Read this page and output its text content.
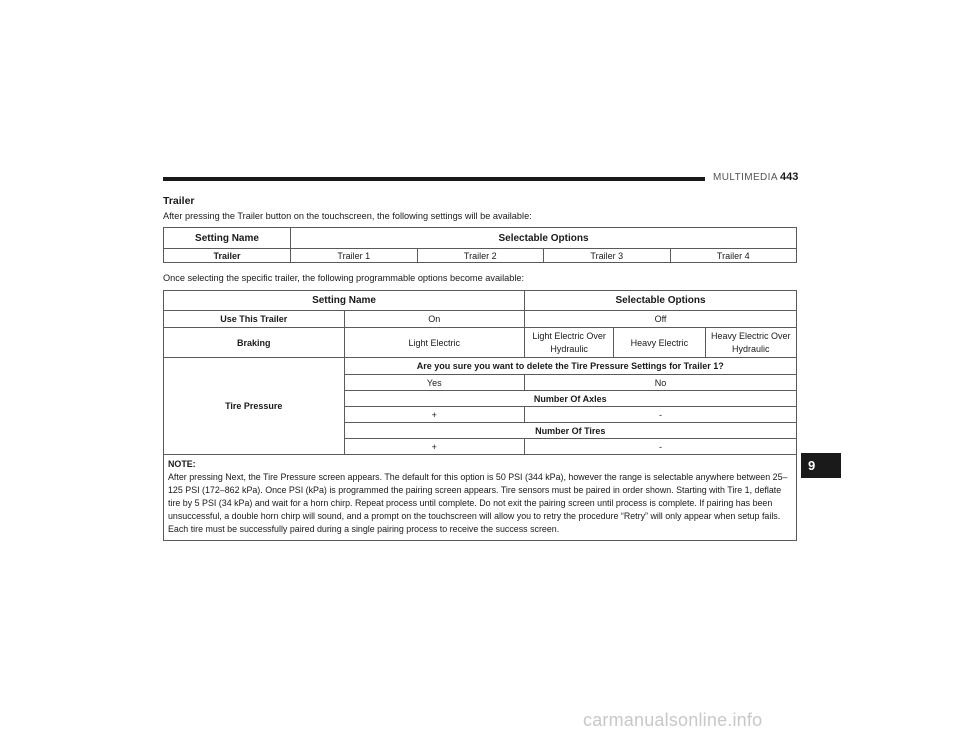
MULTIMEDIA 443
Trailer
After pressing the Trailer button on the touchscreen, the following settings will be available:
Setting Name	Selectable Options			
Trailer	Trailer 1	Trailer 2	Trailer 3	Trailer 4
Once selecting the specific trailer, the following programmable options become available:
Setting Name		Selectable Options		
Use This Trailer	On	Off		
Braking	Light Electric	Light Electric Over Hydraulic	Heavy Electric	Heavy Electric Over Hydraulic
Tire Pressure	Are you sure you want to delete the Tire Pressure Settings for Trailer 1?			
	Yes	No		
	Number Of Axles			
	+	-		
	Number Of Tires			
	+	-		

NOTE:
After pressing Next, the Tire Pressure screen appears. The default for this option is 50 PSI (344 kPa), however the range is selectable anywhere between 25–125 PSI (172–862 kPa). Once PSI (kPa) is programmed the pairing screen appears. Tire sensors must be paired in order shown. Starting with Tire 1, deflate tire by 5 PSI (34 kPa) and wait for a horn chirp. Repeat process until complete. Do not exit the pairing screen until process is complete. If pairing has been unsuccessful, a double horn chirp will sound, and a prompt on the touchscreen will allow you to retry the procedure “Retry” will only appear when setup fails. Each tire must be successfully paired during a single pairing process to receive the success screen.				
9
carmanualsonline.info
